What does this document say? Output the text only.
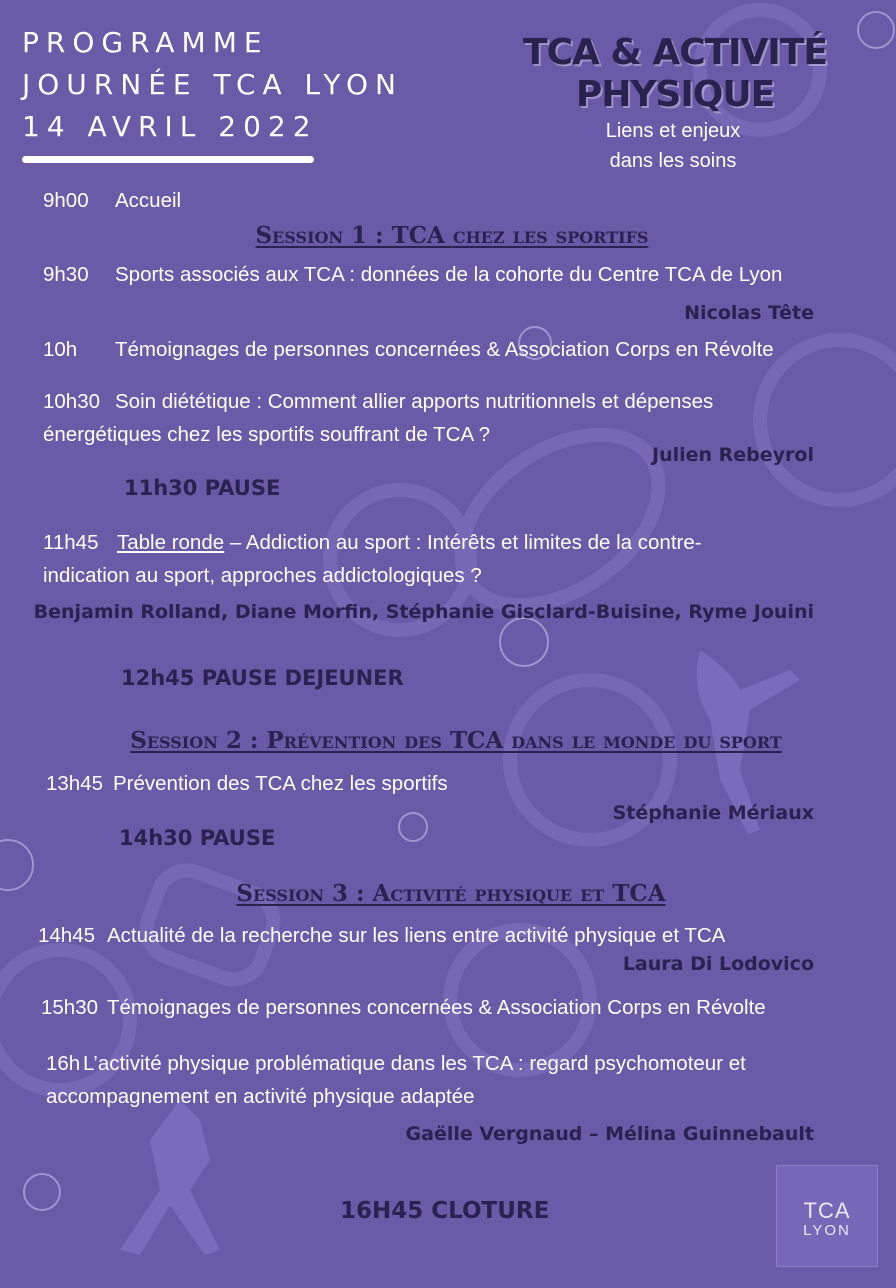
PROGRAMME
JOURNÉE TCA LYON
14 AVRIL 2022
TCA & ACTIVITÉ
PHYSIQUE
Liens et enjeux
dans les soins
9h00 Accueil
Session 1 : TCA chez les sportifs
9h30 Sports associés aux TCA : données de la cohorte du Centre TCA de Lyon
Nicolas Tête
10h Témoignages de personnes concernées & Association Corps en Révolte
10h30 Soin diététique : Comment allier apports nutritionnels et dépenses
énergétiques chez les sportifs souffrant de TCA ?
Julien Rebeyrol
11h30 PAUSE
11h45 Table ronde – Addiction au sport : Intérêts et limites de la contre-
indication au sport, approches addictologiques ?
Benjamin Rolland, Diane Morfin, Stéphanie Gisclard-Buisine, Ryme Jouini
12h45 PAUSE DEJEUNER
Session 2 : Prévention des TCA dans le monde du sport
13h45 Prévention des TCA chez les sportifs
Stéphanie Mériaux
14h30 PAUSE
Session 3 : Activité physique et TCA
14h45 Actualité de la recherche sur les liens entre activité physique et TCA
Laura Di Lodovico
15h30 Témoignages de personnes concernées & Association Corps en Révolte
16h L’activité physique problématique dans les TCA : regard psychomoteur et
accompagnement en activité physique adaptée
Gaëlle Vergnaud – Mélina Guinnebault
16H45 CLOTURE	TCA
LYON
